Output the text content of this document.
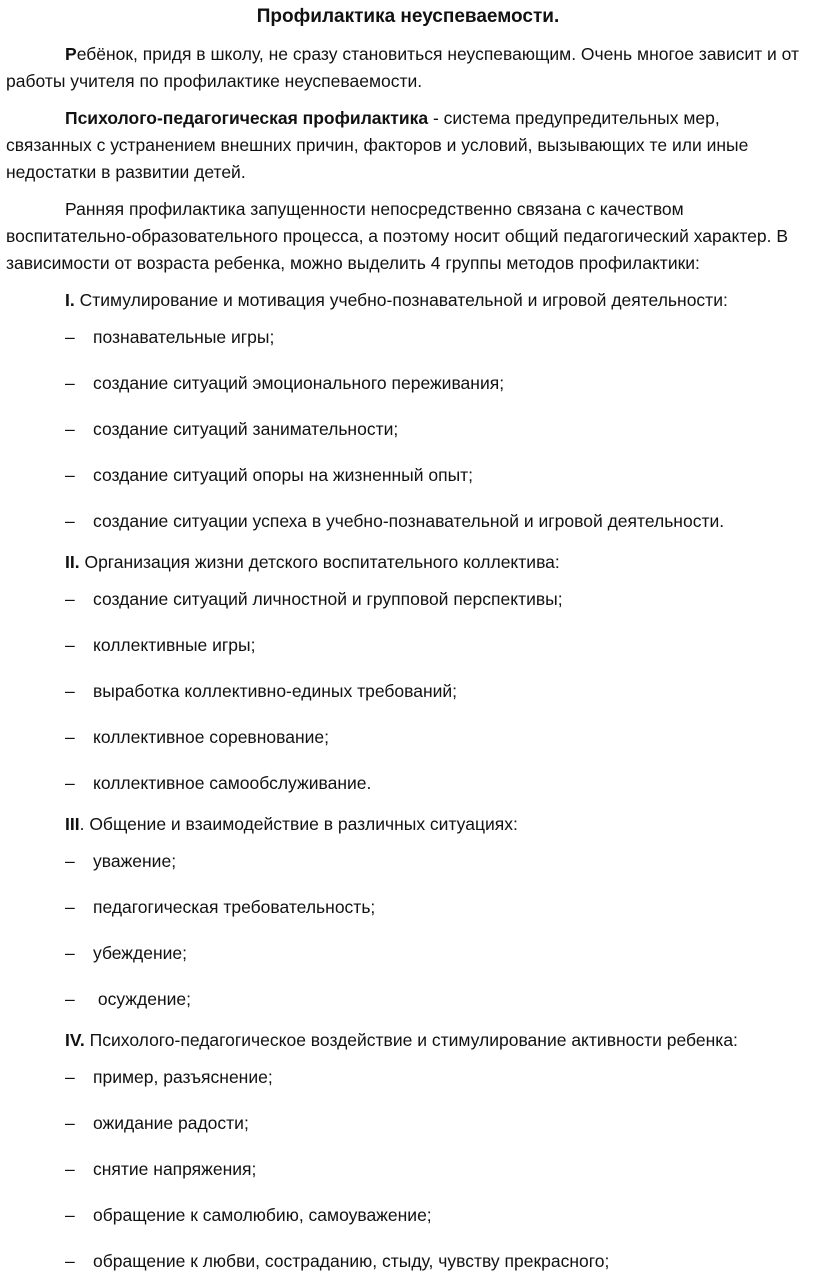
Профилактика неуспеваемости.

Ребёнок, придя в школу, не сразу становиться неуспевающим. Очень многое зависит и от работы учителя по профилактике неуспеваемости.

Психолого-педагогическая профилактика - система предупредительных мер, связанных с устранением внешних причин, факторов и условий, вызывающих те или иные недостатки в развитии детей.

Ранняя профилактика запущенности непосредственно связана с качеством воспитательно-образовательного процесса, а поэтому носит общий педагогический характер. В зависимости от возраста ребенка, можно выделить 4 группы методов профилактики:

I. Стимулирование и мотивация учебно-познавательной и игровой деятельности:
– познавательные игры;
– создание ситуаций эмоционального переживания;
– создание ситуаций занимательности;
– создание ситуаций опоры на жизненный опыт;
– создание ситуации успеха в учебно-познавательной и игровой деятельности.
II. Организация жизни детского воспитательного коллектива:
– создание ситуаций личностной и групповой перспективы;
– коллективные игры;
– выработка коллективно-единых требований;
– коллективное соревнование;
– коллективное самообслуживание.
III. Общение и взаимодействие в различных ситуациях:
– уважение;
– педагогическая требовательность;
– убеждение;
– осуждение;
IV. Психолого-педагогическое воздействие и стимулирование активности ребенка:
– пример, разъяснение;
– ожидание радости;
– снятие напряжения;
– обращение к самолюбию, самоуважение;
– обращение к любви, состраданию, стыду, чувству прекрасного;
